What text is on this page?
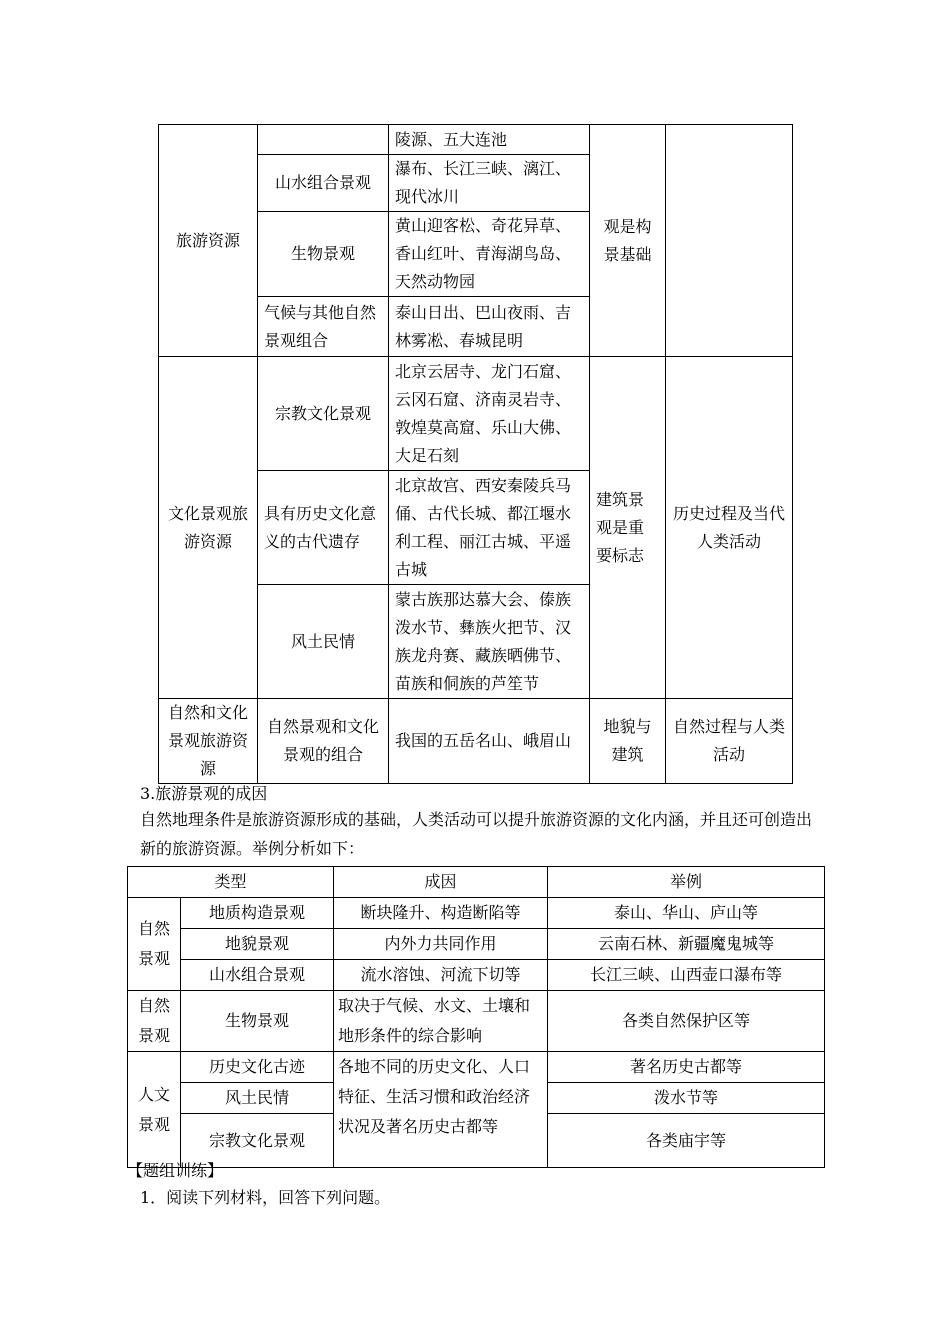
旅游资源		陵源、五大连池	观是构景基础	
	山水组合景观	瀑布、长江三峡、漓江、现代冰川		
	生物景观	黄山迎客松、奇花异草、香山红叶、青海湖鸟岛、天然动物园		
	气候与其他自然景观组合	泰山日出、巴山夜雨、吉林雾凇、春城昆明		
文化景观旅游资源	宗教文化景观	北京云居寺、龙门石窟、云冈石窟、济南灵岩寺、敦煌莫高窟、乐山大佛、大足石刻	建筑景观是重要标志	历史过程及当代人类活动
	具有历史文化意义的古代遗存	北京故宫、西安秦陵兵马俑、古代长城、都江堰水利工程、丽江古城、平遥古城		
	风土民情	蒙古族那达慕大会、傣族泼水节、彝族火把节、汉族龙舟赛、藏族晒佛节、苗族和侗族的芦笙节		
自然和文化景观旅游资源	自然景观和文化景观的组合	我国的五岳名山、峨眉山	地貌与建筑	自然过程与人类活动
3.旅游景观的成因
自然地理条件是旅游资源形成的基础，人类活动可以提升旅游资源的文化内涵，并且还可创造出新的旅游资源。举例分析如下：
类型		成因	举例
自然景观	地质构造景观	断块隆升、构造断陷等	泰山、华山、庐山等
	地貌景观	内外力共同作用	云南石林、新疆魔鬼城等
	山水组合景观	流水溶蚀、河流下切等	长江三峡、山西壶口瀑布等
自然景观	生物景观	取决于气候、水文、土壤和地形条件的综合影响	各类自然保护区等
人文景观	历史文化古迹	各地不同的历史文化、人口特征、生活习惯和政治经济状况及著名历史古都等	著名历史古都等
	风土民情		泼水节等
	宗教文化景观		各类庙宇等
【题组训练】
1．阅读下列材料，回答下列问题。
